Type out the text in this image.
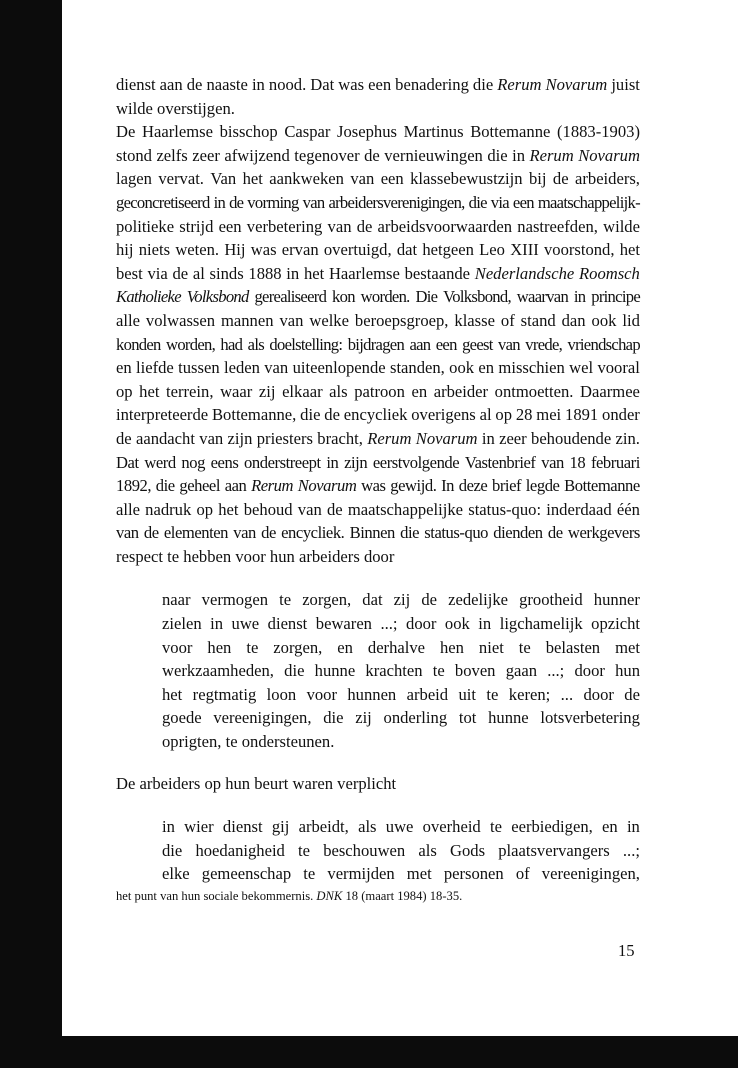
dienst aan de naaste in nood. Dat was een benadering die Rerum Novarum juist
wilde overstijgen.
De Haarlemse bisschop Caspar Josephus Martinus Bottemanne (1883-1903)
stond zelfs zeer afwijzend tegenover de vernieuwingen die in Rerum Novarum
lagen vervat. Van het aankweken van een klassebewustzijn bij de arbeiders,
geconcretiseerd in de vorming van arbeidersverenigingen, die via een maatschappelijk-
politieke strijd een verbetering van de arbeidsvoorwaarden nastreefden, wilde
hij niets weten. Hij was ervan overtuigd, dat hetgeen Leo XIII voorstond, het
best via de al sinds 1888 in het Haarlemse bestaande Nederlandsche Roomsch
Katholieke Volksbond gerealiseerd kon worden. Die Volksbond, waarvan in principe
alle volwassen mannen van welke beroepsgroep, klasse of stand dan ook lid
konden worden, had als doelstelling: bijdragen aan een geest van vrede, vriendschap
en liefde tussen leden van uiteenlopende standen, ook en misschien wel vooral
op het terrein, waar zij elkaar als patroon en arbeider ontmoetten. Daarmee
interpreteerde Bottemanne, die de encycliek overigens al op 28 mei 1891 onder
de aandacht van zijn priesters bracht, Rerum Novarum in zeer behoudende zin.
Dat werd nog eens onderstreept in zijn eerstvolgende Vastenbrief van 18 februari
1892, die geheel aan Rerum Novarum was gewijd. In deze brief legde Bottemanne
alle nadruk op het behoud van de maatschappelijke status-quo: inderdaad één
van de elementen van de encycliek. Binnen die status-quo dienden de werkgevers
respect te hebben voor hun arbeiders door
naar vermogen te zorgen, dat zij de zedelijke grootheid hunner
zielen in uwe dienst bewaren ...; door ook in ligchamelijk opzicht
voor hen te zorgen, en derhalve hen niet te belasten met
werkzaamheden, die hunne krachten te boven gaan ...; door hun
het regtmatig loon voor hunnen arbeid uit te keren; ... door de
goede vereenigingen, die zij onderling tot hunne lotsverbetering
oprigten, te ondersteunen.
De arbeiders op hun beurt waren verplicht
in wier dienst gij arbeidt, als uwe overheid te eerbiedigen, en in
die hoedanigheid te beschouwen als Gods plaatsvervangers ...;
elke gemeenschap te vermijden met personen of vereenigingen,
het punt van hun sociale bekommernis. DNK 18 (maart 1984) 18-35.
15
